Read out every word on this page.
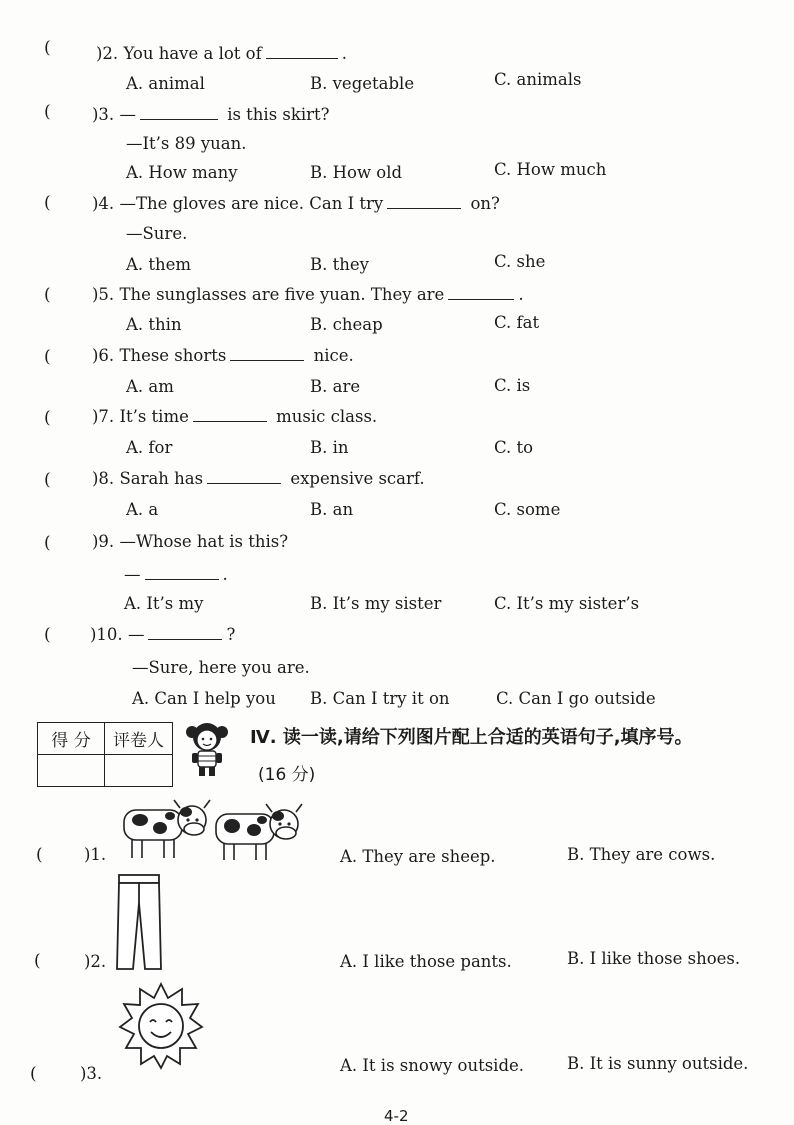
(	)2. You have a lot of	.
A. animal	B. vegetable	C. animals
(	)3. —	is this skirt?
—It’s 89 yuan.
A. How many	B. How old	C. How much
(	)4. —The gloves are nice. Can I try	on?
—Sure.
A. them	B. they	C. she
(	)5. The sunglasses are five yuan. They are	.
A. thin	B. cheap	C. fat
(	)6. These shorts	nice.
A. am	B. are	C. is
(	)7. It’s time	music class.
A. for	B. in	C. to
(	)8. Sarah has	expensive scarf.
A. a	B. an	C. some
(	)9. —Whose hat is this?
—	.
A. It’s my	B. It’s my sister	C. It’s my sister’s
( )10. —	?
—Sure, here you are.
A. Can I help you B. Can I try it on	C. Can I go outside
得 分	评卷人
		Ⅳ. 读一读,请给下列图片配上合适的英语句子,填序号。
(16 分)
(	)1.	A. They are sheep.	B. They are cows.
(	)2.	A. I like those pants.	B. I like those shoes.
(	)3.	A. It is snowy outside.	B. It is sunny outside.
4-2
